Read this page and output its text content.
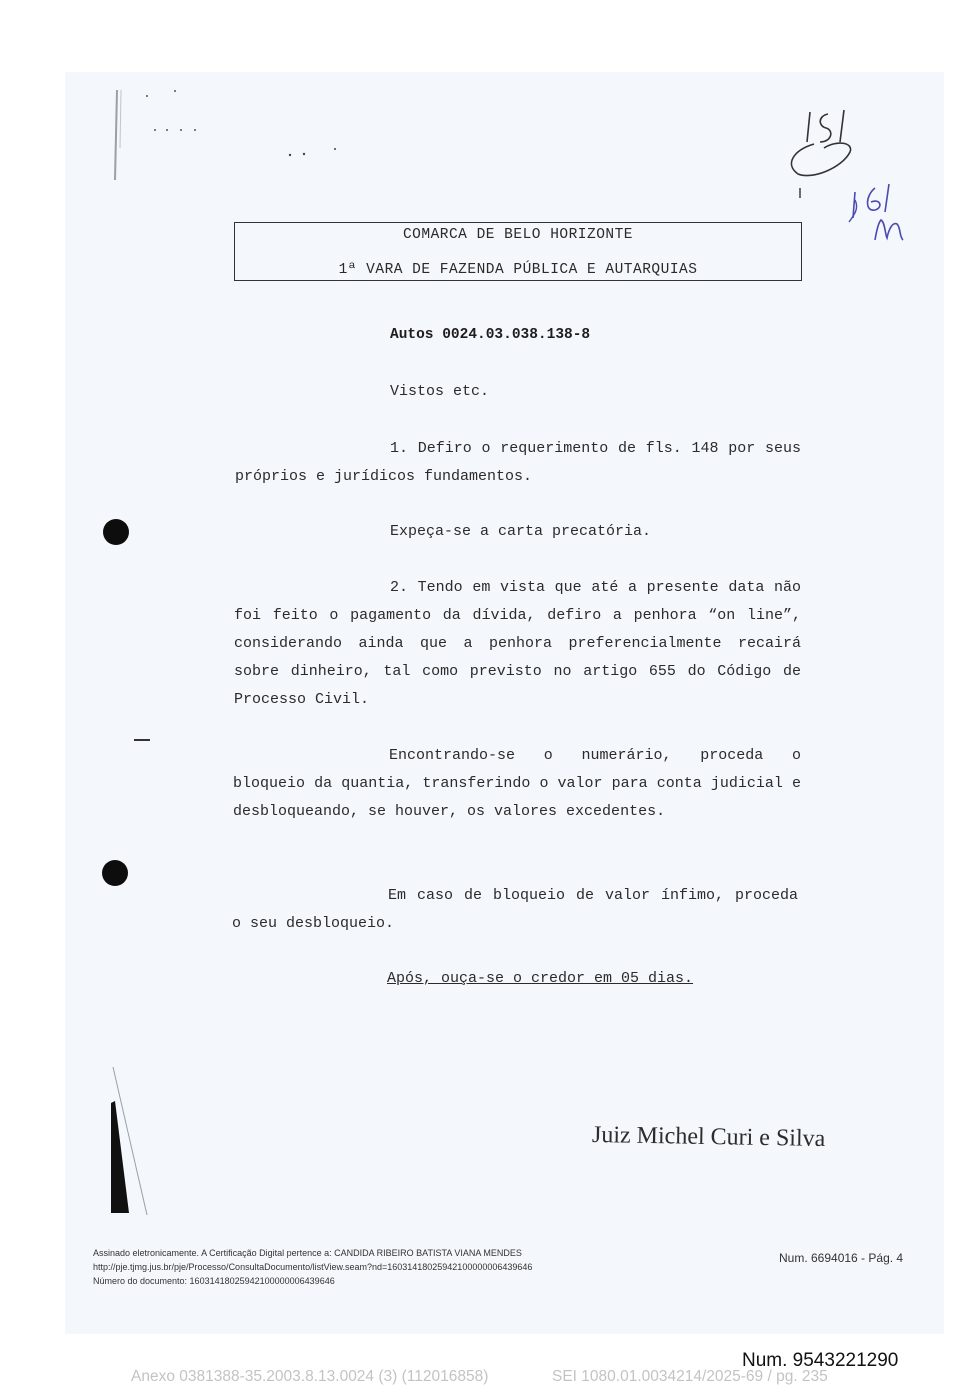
COMARCA DE BELO HORIZONTE
1ª VARA DE FAZENDA PÚBLICA E AUTARQUIAS
Autos 0024.03.038.138-8
Vistos etc.
1. Defiro o requerimento de fls. 148 por seus próprios e jurídicos fundamentos.
Expeça-se a carta precatória.
2. Tendo em vista que até a presente data não foi feito o pagamento da dívida, defiro a penhora “on line”, considerando ainda que a penhora preferencialmente recairá sobre dinheiro, tal como previsto no artigo 655 do Código de Processo Civil.
Encontrando-se o numerário, proceda o bloqueio da quantia, transferindo o valor para conta judicial e desbloqueando, se houver, os valores excedentes.
Em caso de bloqueio de valor ínfimo, proceda o seu desbloqueio.
Após, ouça-se o credor em 05 dias.
Juiz Michel Curi e Silva
Assinado eletronicamente. A Certificação Digital pertence a: CANDIDA RIBEIRO BATISTA VIANA MENDES
http://pje.tjmg.jus.br/pje/Processo/ConsultaDocumento/listView.seam?nd=16031418025942100000006439646
Número do documento: 16031418025942100000006439646
Num. 6694016 - Pág. 4
Num. 9543221290
Anexo 0381388-35.2003.8.13.0024 (3) (112016858)	SEI 1080.01.0034214/2025-69 / pg. 235
